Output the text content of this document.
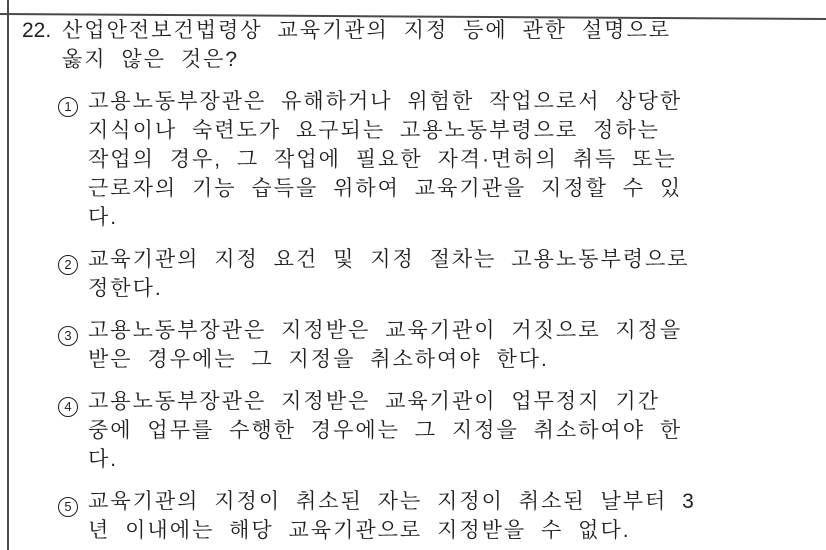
22. 산업안전보건법령상 교육기관의 지정 등에 관한 설명으로
옳지 않은 것은?
1 고용노동부장관은 유해하거나 위험한 작업으로서 상당한
지식이나 숙련도가 요구되는 고용노동부령으로 정하는
작업의 경우, 그 작업에 필요한 자격·면허의 취득 또는
근로자의 기능 습득을 위하여 교육기관을 지정할 수 있
다.
2 교육기관의 지정 요건 및 지정 절차는 고용노동부령으로
정한다.
3 고용노동부장관은 지정받은 교육기관이 거짓으로 지정을
받은 경우에는 그 지정을 취소하여야 한다.
4 고용노동부장관은 지정받은 교육기관이 업무정지 기간
중에 업무를 수행한 경우에는 그 지정을 취소하여야 한
다.
5 교육기관의 지정이 취소된 자는 지정이 취소된 날부터 3
년 이내에는 해당 교육기관으로 지정받을 수 없다.
